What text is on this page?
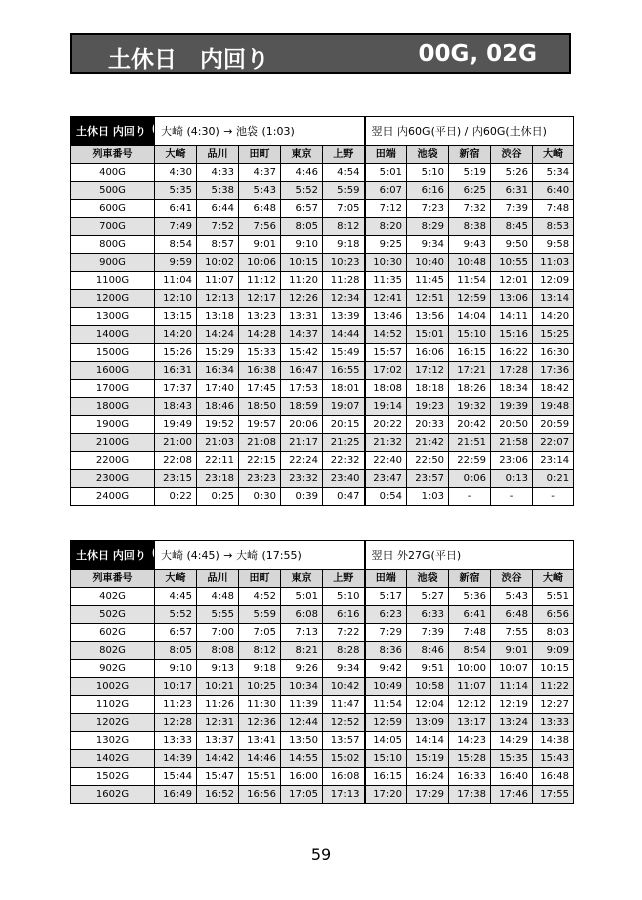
土休日　内回り	00G, 02G
土休日 内回り	大崎 (4:30) → 池袋 (1:03)					翌日 内60G(平日) / 内60G(土休日)				
列車番号	大崎	品川	田町	東京	上野	田端	池袋	新宿	渋谷	大崎
400G	4:30	4:33	4:37	4:46	4:54	5:01	5:10	5:19	5:26	5:34
500G	5:35	5:38	5:43	5:52	5:59	6:07	6:16	6:25	6:31	6:40
600G	6:41	6:44	6:48	6:57	7:05	7:12	7:23	7:32	7:39	7:48
700G	7:49	7:52	7:56	8:05	8:12	8:20	8:29	8:38	8:45	8:53
800G	8:54	8:57	9:01	9:10	9:18	9:25	9:34	9:43	9:50	9:58
900G	9:59	10:02	10:06	10:15	10:23	10:30	10:40	10:48	10:55	11:03
1100G	11:04	11:07	11:12	11:20	11:28	11:35	11:45	11:54	12:01	12:09
1200G	12:10	12:13	12:17	12:26	12:34	12:41	12:51	12:59	13:06	13:14
1300G	13:15	13:18	13:23	13:31	13:39	13:46	13:56	14:04	14:11	14:20
1400G	14:20	14:24	14:28	14:37	14:44	14:52	15:01	15:10	15:16	15:25
1500G	15:26	15:29	15:33	15:42	15:49	15:57	16:06	16:15	16:22	16:30
1600G	16:31	16:34	16:38	16:47	16:55	17:02	17:12	17:21	17:28	17:36
1700G	17:37	17:40	17:45	17:53	18:01	18:08	18:18	18:26	18:34	18:42
1800G	18:43	18:46	18:50	18:59	19:07	19:14	19:23	19:32	19:39	19:48
1900G	19:49	19:52	19:57	20:06	20:15	20:22	20:33	20:42	20:50	20:59
2100G	21:00	21:03	21:08	21:17	21:25	21:32	21:42	21:51	21:58	22:07
2200G	22:08	22:11	22:15	22:24	22:32	22:40	22:50	22:59	23:06	23:14
2300G	23:15	23:18	23:23	23:32	23:40	23:47	23:57	0:06	0:13	0:21
2400G	0:22	0:25	0:30	0:39	0:47	0:54	1:03	-	-	-
土休日 内回り	大崎 (4:45) → 大崎 (17:55)					翌日 外27G(平日)				
列車番号	大崎	品川	田町	東京	上野	田端	池袋	新宿	渋谷	大崎
402G	4:45	4:48	4:52	5:01	5:10	5:17	5:27	5:36	5:43	5:51
502G	5:52	5:55	5:59	6:08	6:16	6:23	6:33	6:41	6:48	6:56
602G	6:57	7:00	7:05	7:13	7:22	7:29	7:39	7:48	7:55	8:03
802G	8:05	8:08	8:12	8:21	8:28	8:36	8:46	8:54	9:01	9:09
902G	9:10	9:13	9:18	9:26	9:34	9:42	9:51	10:00	10:07	10:15
1002G	10:17	10:21	10:25	10:34	10:42	10:49	10:58	11:07	11:14	11:22
1102G	11:23	11:26	11:30	11:39	11:47	11:54	12:04	12:12	12:19	12:27
1202G	12:28	12:31	12:36	12:44	12:52	12:59	13:09	13:17	13:24	13:33
1302G	13:33	13:37	13:41	13:50	13:57	14:05	14:14	14:23	14:29	14:38
1402G	14:39	14:42	14:46	14:55	15:02	15:10	15:19	15:28	15:35	15:43
1502G	15:44	15:47	15:51	16:00	16:08	16:15	16:24	16:33	16:40	16:48
1602G	16:49	16:52	16:56	17:05	17:13	17:20	17:29	17:38	17:46	17:55
59
